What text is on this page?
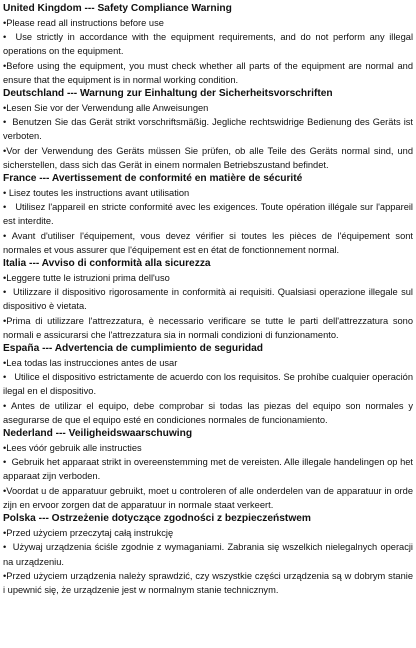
United Kingdom --- Safety Compliance Warning

•Please read all instructions before use

•  Use strictly in accordance with the equipment requirements, and do not perform any illegal operations on the equipment.

•Before using the equipment, you must check whether all parts of the equipment are normal and ensure that the equipment is in normal working condition.

Deutschland --- Warnung zur Einhaltung der Sicherheitsvorschriften

•Lesen Sie vor der Verwendung alle Anweisungen

•  Benutzen Sie das Gerät strikt vorschriftsmäßig. Jegliche rechtswidrige Bedienung des Geräts ist verboten.

•Vor der Verwendung des Geräts müssen Sie prüfen, ob alle Teile des Geräts normal sind, und sicherstellen, dass sich das Gerät in einem normalen Betriebszustand befindet.

France --- Avertissement de conformité en matière de sécurité

• Lisez toutes les instructions avant utilisation

•   Utilisez l'appareil en stricte conformité avec les exigences. Toute opération illégale sur l'appareil est interdite.

• Avant d'utiliser l'équipement, vous devez vérifier si toutes les pièces de l'équipement sont normales et vous assurer que l'équipement est en état de fonctionnement normal.

Italia --- Avviso di conformità alla sicurezza

•Leggere tutte le istruzioni prima dell'uso

•  Utilizzare il dispositivo rigorosamente in conformità ai requisiti. Qualsiasi operazione illegale sul dispositivo è vietata.

•Prima di utilizzare l'attrezzatura, è necessario verificare se tutte le parti dell'attrezzatura sono normali e assicurarsi che l'attrezzatura sia in normali condizioni di funzionamento.

España --- Advertencia de cumplimiento de seguridad

•Lea todas las instrucciones antes de usar

•   Utilice el dispositivo estrictamente de acuerdo con los requisitos. Se prohíbe cualquier operación ilegal en el dispositivo.

• Antes de utilizar el equipo, debe comprobar si todas las piezas del equipo son normales y asegurarse de que el equipo esté en condiciones normales de funcionamiento.

Nederland --- Veiligheidswaarschuwing

•Lees vóór gebruik alle instructies

•  Gebruik het apparaat strikt in overeenstemming met de vereisten. Alle illegale handelingen op het apparaat zijn verboden.

•Voordat u de apparatuur gebruikt, moet u controleren of alle onderdelen van de apparatuur in orde zijn en ervoor zorgen dat de apparatuur in normale staat verkeert.

Polska --- Ostrzeżenie dotyczące zgodności z bezpieczeństwem

•Przed użyciem przeczytaj całą instrukcję

•  Używaj urządzenia ściśle zgodnie z wymaganiami. Zabrania się wszelkich nielegalnych operacji na urządzeniu.

•Przed użyciem urządzenia należy sprawdzić, czy wszystkie części urządzenia są w dobrym stanie i upewnić się, że urządzenie jest w normalnym stanie technicznym.
